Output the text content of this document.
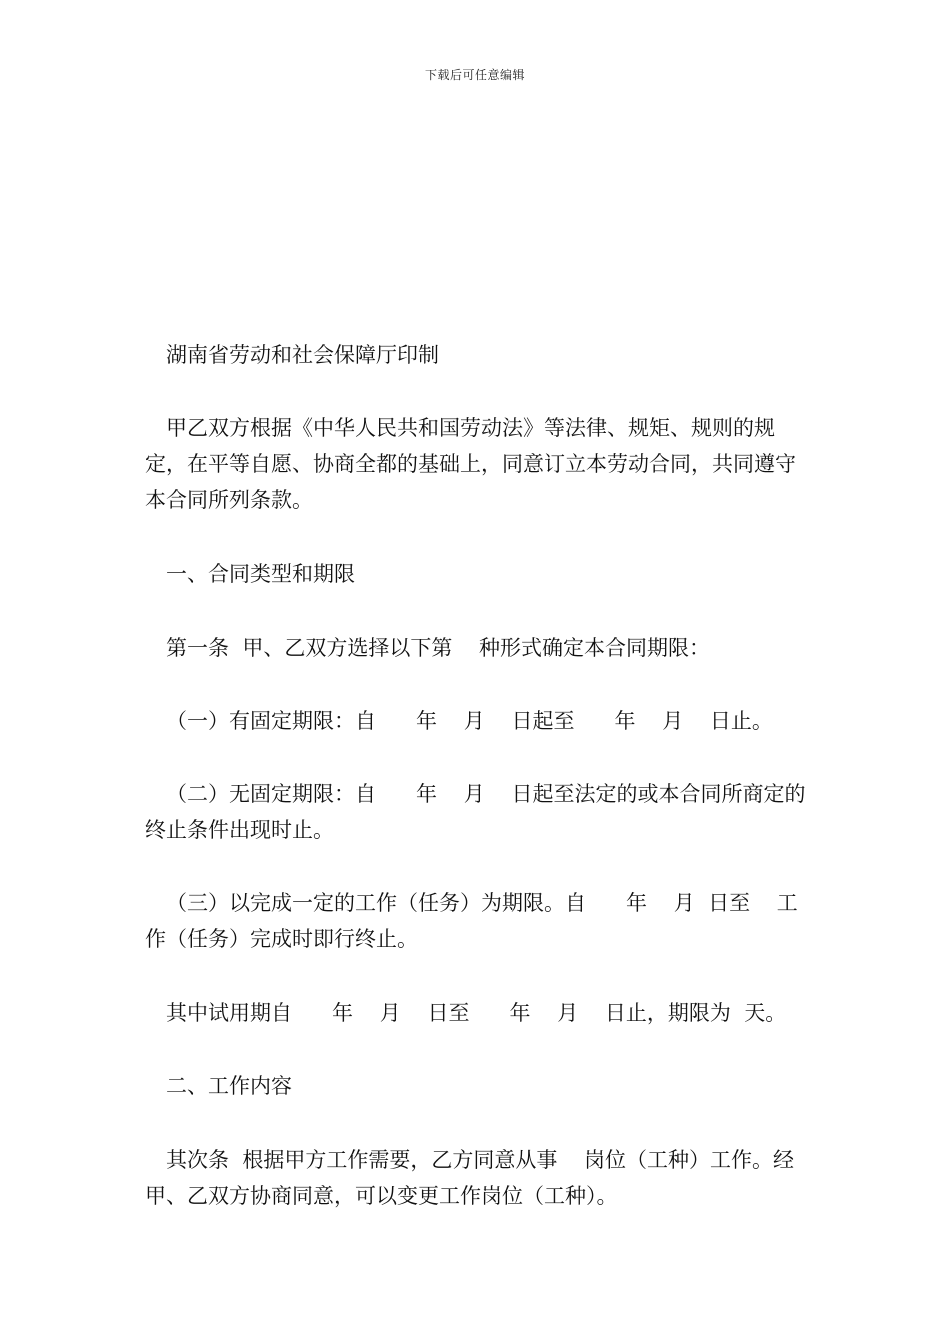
下载后可任意编辑

湖南省劳动和社会保障厅印制

甲乙双方根据《中华人民共和国劳动法》等法律、规矩、规则的规定，在平等自愿、协商全都的基础上，同意订立本劳动合同，共同遵守本合同所列条款。

一、合同类型和期限

第一条  甲、乙双方选择以下第    种形式确定本合同期限：

（一）有固定期限：自      年    月    日起至      年    月    日止。

（二）无固定期限：自      年    月    日起至法定的或本合同所商定的终止条件出现时止。

（三）以完成一定的工作（任务）为期限。自      年    月  日至    工作（任务）完成时即行终止。

其中试用期自      年    月    日至      年    月    日止，期限为  天。

二、工作内容

其次条  根据甲方工作需要，乙方同意从事    岗位（工种）工作。经甲、乙双方协商同意，可以变更工作岗位（工种）。
